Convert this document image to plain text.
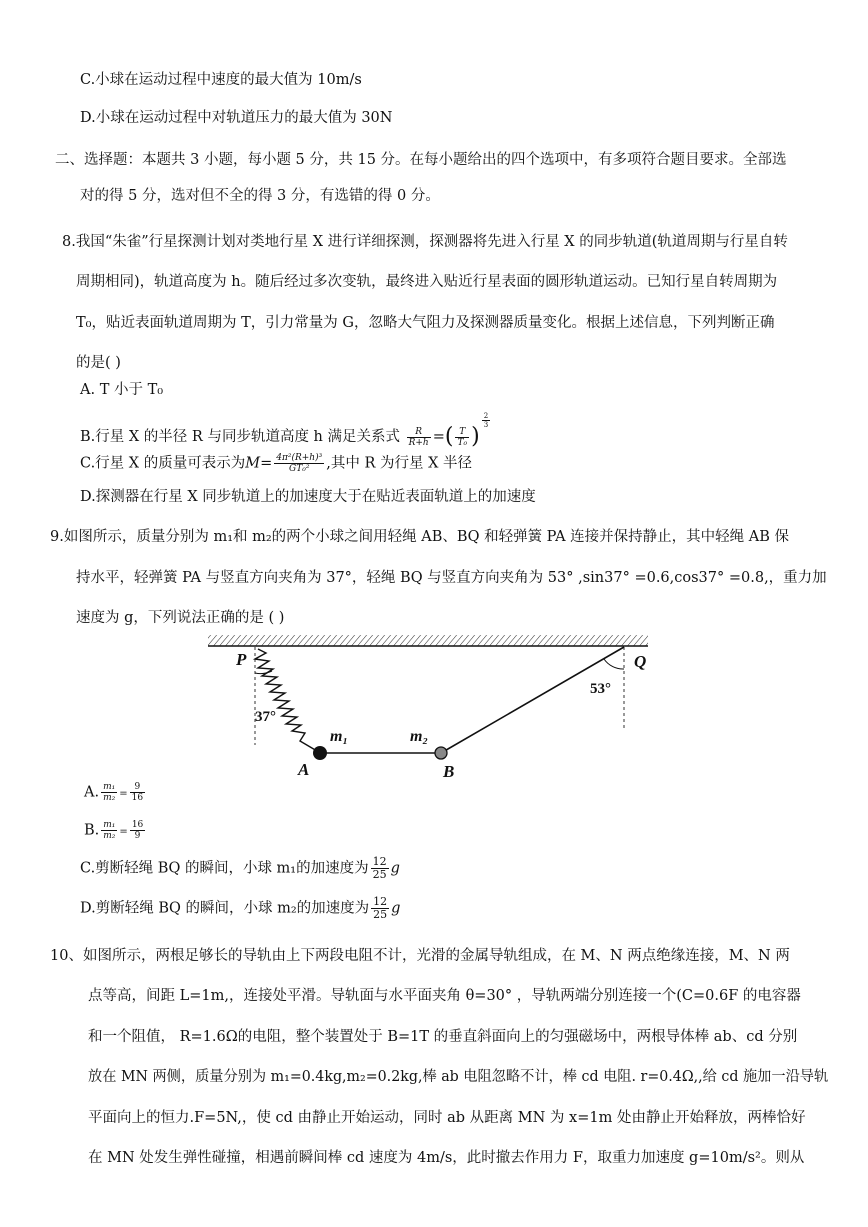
C.小球在运动过程中速度的最大值为 10m/s
D.小球在运动过程中对轨道压力的最大值为 30N
二、选择题：本题共 3 小题，每小题 5 分，共 15 分。在每小题给出的四个选项中，有多项符合题目要求。全部选
对的得 5 分，选对但不全的得 3 分，有选错的得 0 分。
8.我国“朱雀”行星探测计划对类地行星 X 进行详细探测，探测器将先进入行星 X 的同步轨道(轨道周期与行星自转
周期相同)，轨道高度为 h。随后经过多次变轨，最终进入贴近行星表面的圆形轨道运动。已知行星自转周期为
T₀，贴近表面轨道周期为 T，引力常量为 G，忽略大气阻力及探测器质量变化。根据上述信息，下列判断正确
的是( )
A. T 小于 T₀
B.行星 X 的半径 R 与同步轨道高度 h 满足关系式 $\frac{R}{R+h}$ =( $\frac{T}{\text{T₀}}$ )
$\frac{2}{3}$
C.行星 X 的质量可表示为$M= \frac{\text{4π²(R+h)³}}{\text{GT₀²}}$ ,其中 R 为行星 X 半径
D.探测器在行星 X 同步轨道上的加速度大于在贴近表面轨道上的加速度
9.如图所示，质量分别为 m₁和 m₂的两个小球之间用轻绳 AB、BQ 和轻弹簧 PA 连接并保持静止，其中轻绳 AB 保
持水平，轻弹簧 PA 与竖直方向夹角为 37°，轻绳 BQ 与竖直方向夹角为 53° ,sin37° =0.6,cos37° =0.8,，重力加
速度为 g，下列说法正确的是 ( )
P	Q
37°
53°
m₁	m₂
A	B
A. $\frac{\text{m₁}}{\text{m₂}} = \frac{9}{16}$
B. $\frac{\text{m₁}}{\text{m₂}} = \frac{16}{9}$
C.剪断轻绳 BQ 的瞬间，小球 m₁的加速度为 $\frac{12}{25}$ g
D.剪断轻绳 BQ 的瞬间，小球 m₂的加速度为 $\frac{12}{25}$ g
10、如图所示，两根足够长的导轨由上下两段电阻不计，光滑的金属导轨组成，在 M、N 两点绝缘连接，M、N 两
点等高，间距 L=1m,，连接处平滑。导轨面与水平面夹角 θ=30° ，导轨两端分别连接一个(C=0.6F 的电容器
和一个阻值， R=1.6Ω的电阻，整个装置处于 B=1T 的垂直斜面向上的匀强磁场中，两根导体棒 ab、cd 分别
放在 MN 两侧，质量分别为 m₁=0.4kg,m₂=0.2kg,棒 ab 电阻忽略不计，棒 cd 电阻. r=0.4Ω,,给 cd 施加一沿导轨
平面向上的恒力.F=5N,，使 cd 由静止开始运动，同时 ab 从距离 MN 为 x=1m 处由静止开始释放，两棒恰好
在 MN 处发生弹性碰撞，相遇前瞬间棒 cd 速度为 4m/s，此时撤去作用力 F，取重力加速度 g=10m/s²。则从
